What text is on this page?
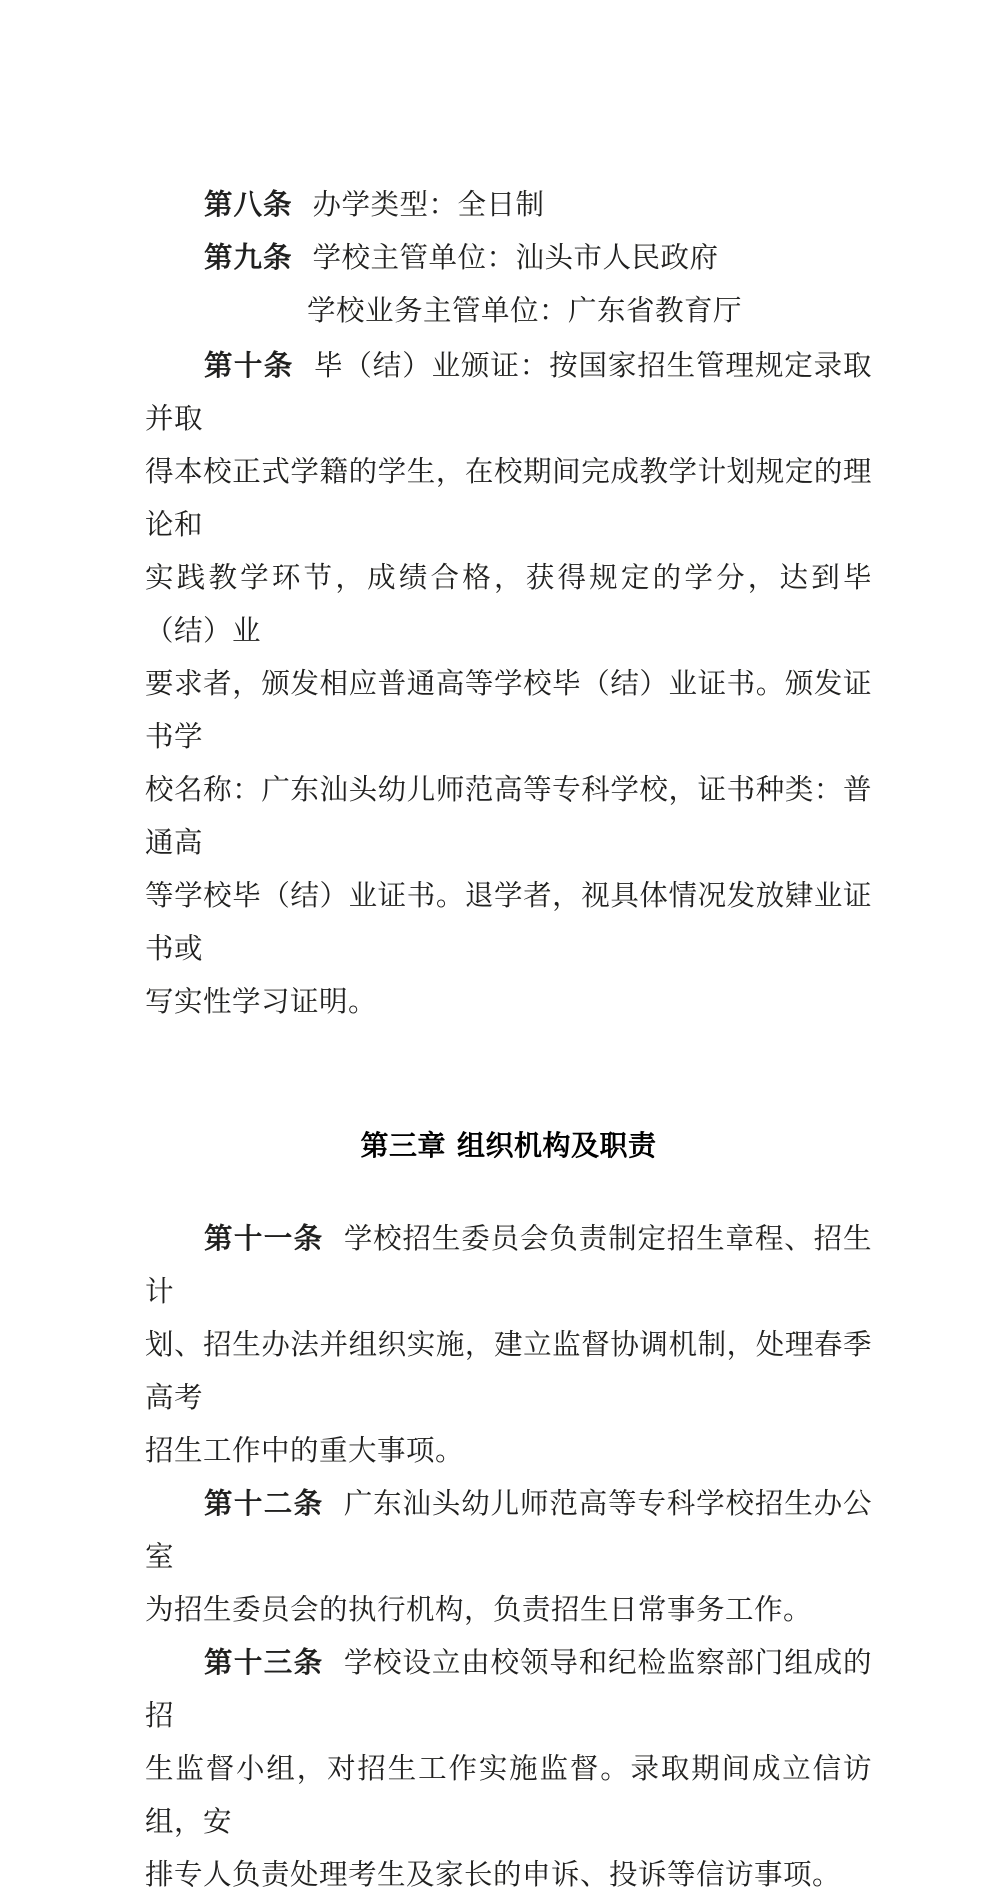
第八条 办学类型：全日制

第九条 学校主管单位：汕头市人民政府

学校业务主管单位：广东省教育厅

第十条 毕（结）业颁证：按国家招生管理规定录取并取

得本校正式学籍的学生，在校期间完成教学计划规定的理论和

实践教学环节，成绩合格，获得规定的学分，达到毕（结）业

要求者，颁发相应普通高等学校毕（结）业证书。颁发证书学

校名称：广东汕头幼儿师范高等专科学校，证书种类：普通高

等学校毕（结）业证书。退学者，视具体情况发放肄业证书或

写实性学习证明。

第三章 组织机构及职责

第十一条 学校招生委员会负责制定招生章程、招生计

划、招生办法并组织实施，建立监督协调机制，处理春季高考

招生工作中的重大事项。

第十二条 广东汕头幼儿师范高等专科学校招生办公室

为招生委员会的执行机构，负责招生日常事务工作。

第十三条 学校设立由校领导和纪检监察部门组成的招

生监督小组，对招生工作实施监督。录取期间成立信访组，安

排专人负责处理考生及家长的申诉、投诉等信访事项。
